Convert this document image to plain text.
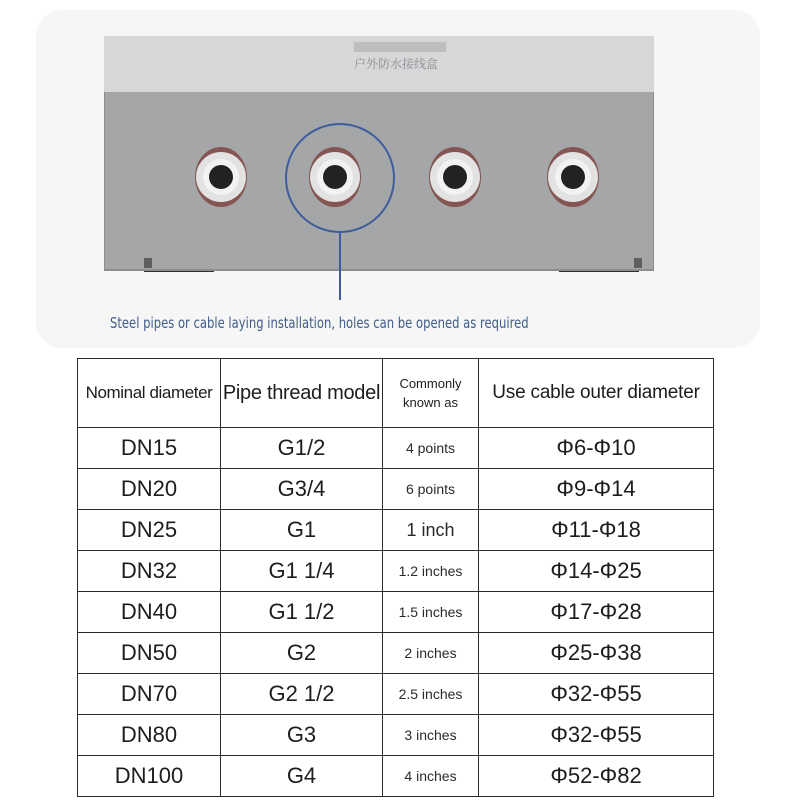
户外防水接线盒
Steel pipes or cable laying installation, holes can be opened as required
Nominal diameter	Pipe thread model	Commonly known as	Use cable outer diameter
DN15	G1/2	4 points	Φ6-Φ10
DN20	G3/4	6 points	Φ9-Φ14
DN25	G1	1 inch	Φ11-Φ18
DN32	G1 1/4	1.2 inches	Φ14-Φ25
DN40	G1 1/2	1.5 inches	Φ17-Φ28
DN50	G2	2 inches	Φ25-Φ38
DN70	G2 1/2	2.5 inches	Φ32-Φ55
DN80	G3	3 inches	Φ32-Φ55
DN100	G4	4 inches	Φ52-Φ82
